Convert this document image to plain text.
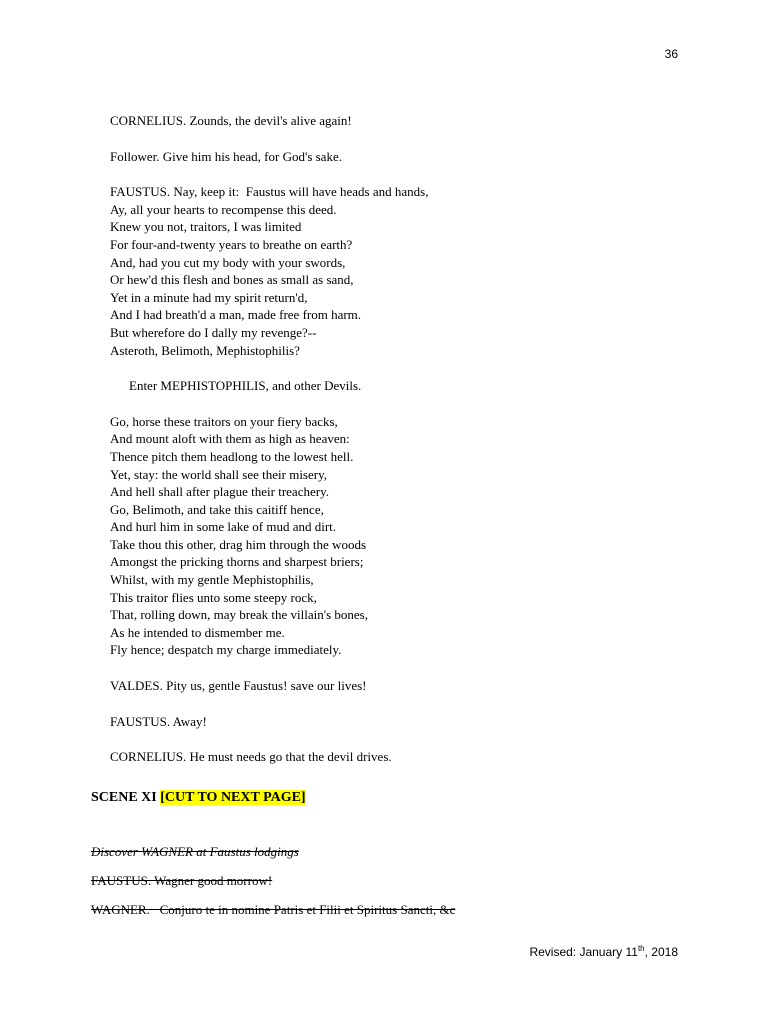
36
CORNELIUS. Zounds, the devil's alive again!
Follower. Give him his head, for God's sake.
FAUSTUS. Nay, keep it:  Faustus will have heads and hands,
Ay, all your hearts to recompense this deed.
Knew you not, traitors, I was limited
For four-and-twenty years to breathe on earth?
And, had you cut my body with your swords,
Or hew'd this flesh and bones as small as sand,
Yet in a minute had my spirit return'd,
And I had breath'd a man, made free from harm.
But wherefore do I dally my revenge?--
Asteroth, Belimoth, Mephistophilis?
Enter MEPHISTOPHILIS, and other Devils.
Go, horse these traitors on your fiery backs,
And mount aloft with them as high as heaven:
Thence pitch them headlong to the lowest hell.
Yet, stay: the world shall see their misery,
And hell shall after plague their treachery.
Go, Belimoth, and take this caitiff hence,
And hurl him in some lake of mud and dirt.
Take thou this other, drag him through the woods
Amongst the pricking thorns and sharpest briers;
Whilst, with my gentle Mephistophilis,
This traitor flies unto some steepy rock,
That, rolling down, may break the villain's bones,
As he intended to dismember me.
Fly hence; despatch my charge immediately.
VALDES. Pity us, gentle Faustus! save our lives!
FAUSTUS. Away!
CORNELIUS. He must needs go that the devil drives.
SCENE XI [CUT TO NEXT PAGE]
Discover WAGNER at Faustus lodgings
FAUSTUS. Wagner good morrow!
WAGNER.   Conjuro te in nomine Patris et Filii et Spiritus Sancti, &c
Revised: January 11th, 2018
